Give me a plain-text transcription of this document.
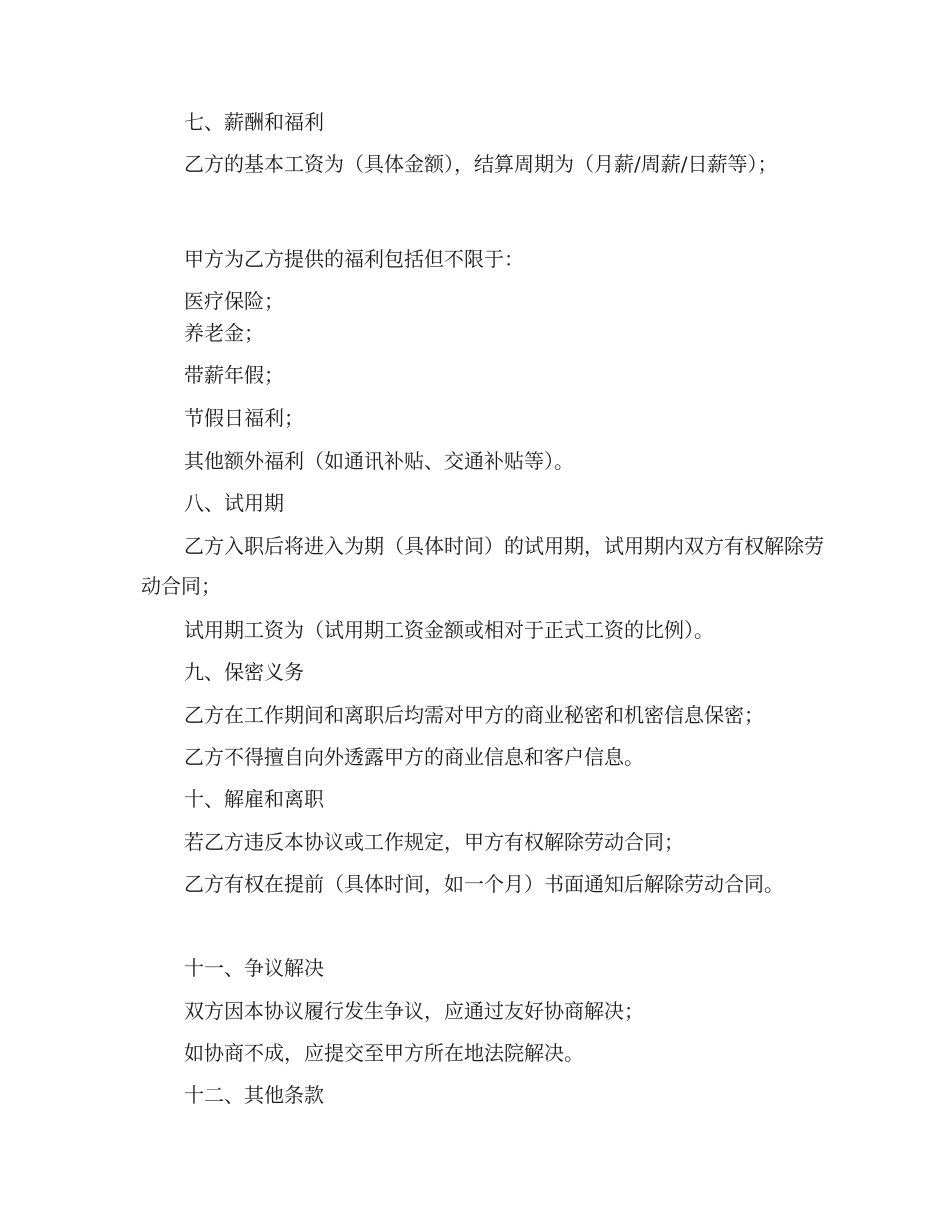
七、薪酬和福利

乙方的基本工资为（具体金额），结算周期为（月薪/周薪/日薪等）；

甲方为乙方提供的福利包括但不限于：

医疗保险；

养老金；

带薪年假；

节假日福利；

其他额外福利（如通讯补贴、交通补贴等）。

八、试用期

乙方入职后将进入为期（具体时间）的试用期，试用期内双方有权解除劳动合同；

试用期工资为（试用期工资金额或相对于正式工资的比例）。

九、保密义务

乙方在工作期间和离职后均需对甲方的商业秘密和机密信息保密；

乙方不得擅自向外透露甲方的商业信息和客户信息。

十、解雇和离职

若乙方违反本协议或工作规定，甲方有权解除劳动合同；

乙方有权在提前（具体时间，如一个月）书面通知后解除劳动合同。

十一、争议解决

双方因本协议履行发生争议，应通过友好协商解决；

如协商不成，应提交至甲方所在地法院解决。

十二、其他条款
